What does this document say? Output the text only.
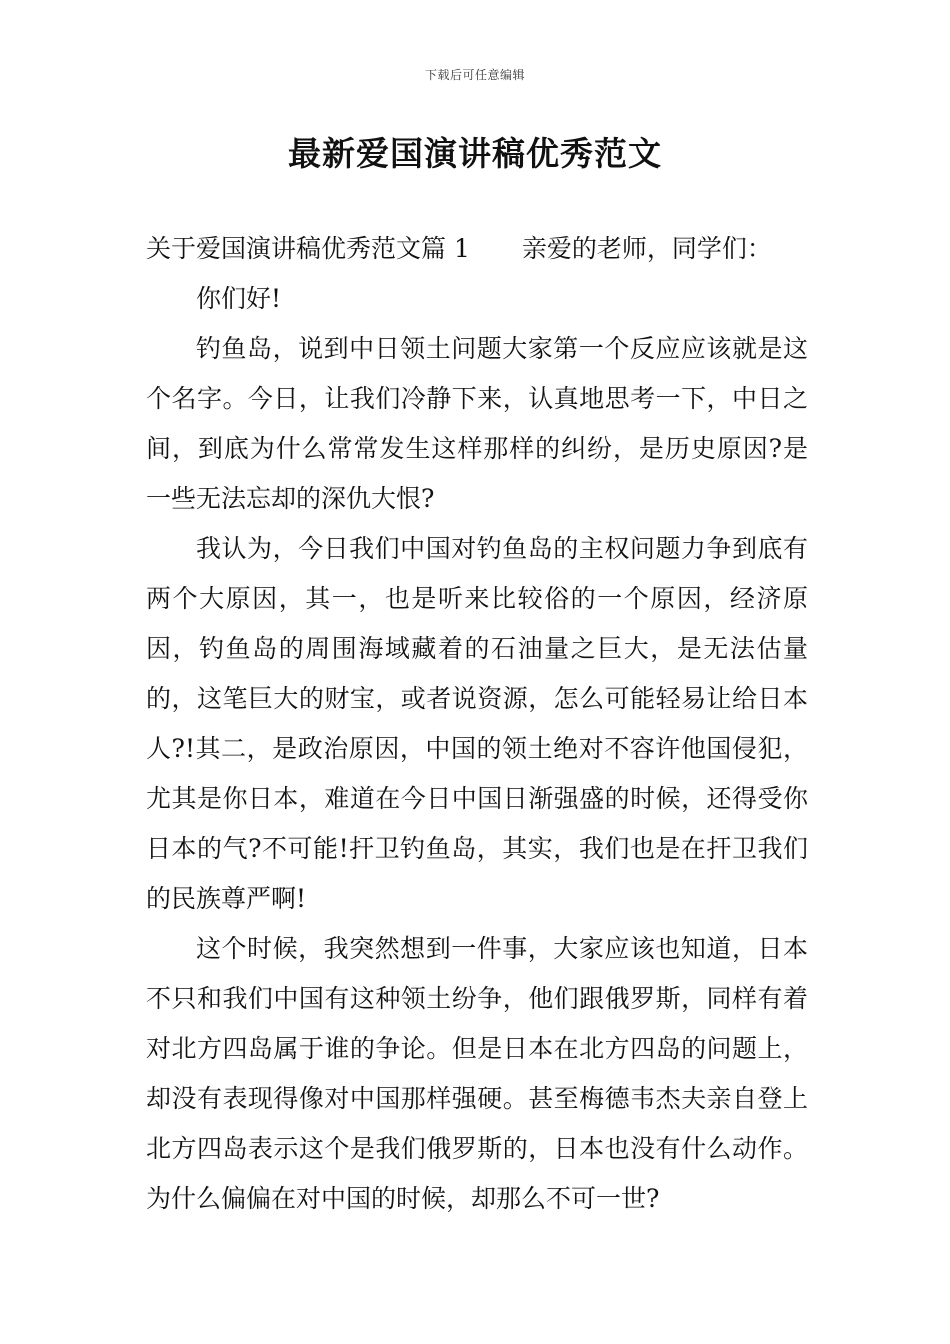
下载后可任意编辑
最新爱国演讲稿优秀范文

关于爱国演讲稿优秀范文篇 1 亲爱的老师，同学们：

你们好!

钓鱼岛，说到中日领土问题大家第一个反应应该就是这个名字。今日，让我们冷静下来，认真地思考一下，中日之间，到底为什么常常发生这样那样的纠纷，是历史原因?是一些无法忘却的深仇大恨?

我认为，今日我们中国对钓鱼岛的主权问题力争到底有两个大原因，其一，也是听来比较俗的一个原因，经济原因，钓鱼岛的周围海域藏着的石油量之巨大，是无法估量的，这笔巨大的财宝，或者说资源，怎么可能轻易让给日本人?!其二，是政治原因，中国的领土绝对不容许他国侵犯，尤其是你日本，难道在今日中国日渐强盛的时候，还得受你日本的气?不可能!扞卫钓鱼岛，其实，我们也是在扞卫我们的民族尊严啊!

这个时候，我突然想到一件事，大家应该也知道，日本不只和我们中国有这种领土纷争，他们跟俄罗斯，同样有着对北方四岛属于谁的争论。但是日本在北方四岛的问题上，却没有表现得像对中国那样强硬。甚至梅德韦杰夫亲自登上北方四岛表示这个是我们俄罗斯的，日本也没有什么动作。为什么偏偏在对中国的时候，却那么不可一世?
